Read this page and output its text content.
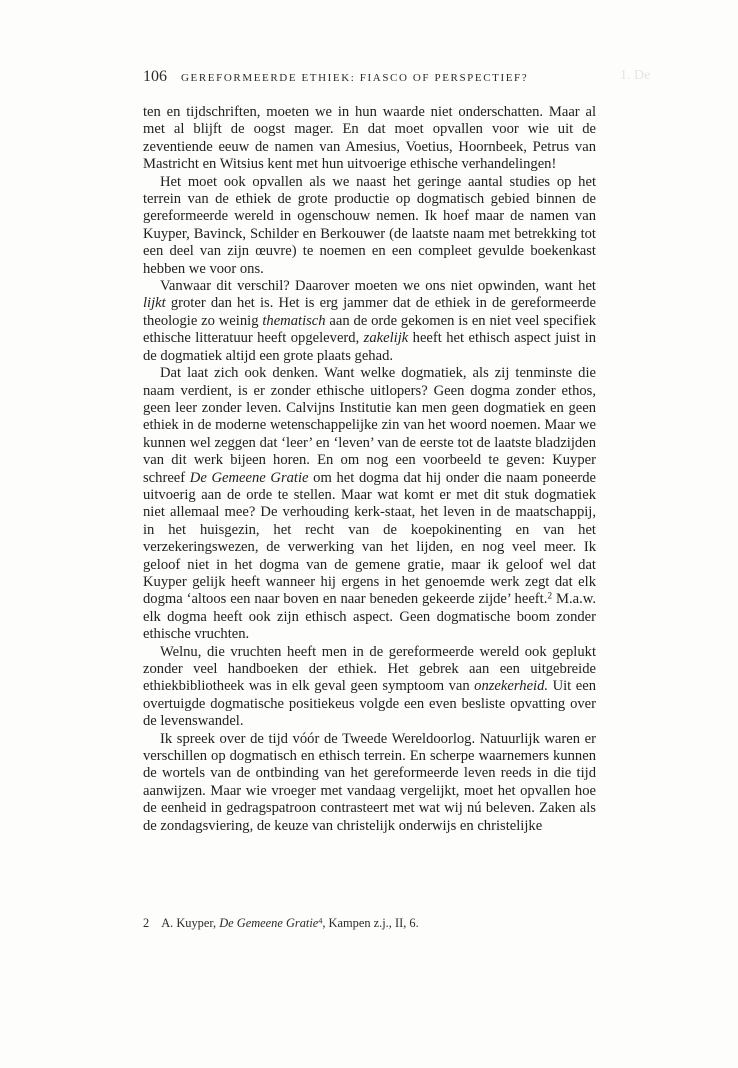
1. De
106 GEREFORMEERDE ETHIEK: FIASCO OF PERSPECTIEF?

ten en tijdschriften, moeten we in hun waarde niet onderschatten. Maar al met al blijft de oogst mager. En dat moet opvallen voor wie uit de zeventiende eeuw de namen van Amesius, Voetius, Hoornbeek, Petrus van Mastricht en Witsius kent met hun uitvoerige ethische verhandelingen!

Het moet ook opvallen als we naast het geringe aantal studies op het terrein van de ethiek de grote productie op dogmatisch gebied binnen de gereformeerde wereld in ogenschouw nemen. Ik hoef maar de namen van Kuyper, Bavinck, Schilder en Berkouwer (de laatste naam met betrekking tot een deel van zijn œuvre) te noemen en een compleet gevulde boekenkast hebben we voor ons.

Vanwaar dit verschil? Daarover moeten we ons niet opwinden, want het lijkt groter dan het is. Het is erg jammer dat de ethiek in de gereformeerde theologie zo weinig thematisch aan de orde gekomen is en niet veel specifiek ethische litteratuur heeft opgeleverd, zakelijk heeft het ethisch aspect juist in de dogmatiek altijd een grote plaats gehad.

Dat laat zich ook denken. Want welke dogmatiek, als zij tenminste die naam verdient, is er zonder ethische uitlopers? Geen dogma zonder ethos, geen leer zonder leven. Calvijns Institutie kan men geen dogmatiek en geen ethiek in de moderne wetenschappelijke zin van het woord noemen. Maar we kunnen wel zeggen dat ‘leer’ en ‘leven’ van de eerste tot de laatste bladzijden van dit werk bijeen horen. En om nog een voorbeeld te geven: Kuyper schreef De Gemeene Gratie om het dogma dat hij onder die naam poneerde uitvoerig aan de orde te stellen. Maar wat komt er met dit stuk dogmatiek niet allemaal mee? De verhouding kerk-staat, het leven in de maatschappij, in het huisgezin, het recht van de koepokinenting en van het verzekeringswezen, de verwerking van het lijden, en nog veel meer. Ik geloof niet in het dogma van de gemene gratie, maar ik geloof wel dat Kuyper gelijk heeft wanneer hij ergens in het genoemde werk zegt dat elk dogma ‘altoos een naar boven en naar beneden gekeerde zijde’ heeft.$^2$ M.a.w. elk dogma heeft ook zijn ethisch aspect. Geen dogmatische boom zonder ethische vruchten.

Welnu, die vruchten heeft men in de gereformeerde wereld ook geplukt zonder veel handboeken der ethiek. Het gebrek aan een uitgebreide ethiekbibliotheek was in elk geval geen symptoom van onzekerheid. Uit een overtuigde dogmatische positiekeus volgde een even besliste opvatting over de levenswandel.

Ik spreek over de tijd vóór de Tweede Wereldoorlog. Natuurlijk waren er verschillen op dogmatisch en ethisch terrein. En scherpe waarnemers kunnen de wortels van de ontbinding van het gereformeerde leven reeds in die tijd aanwijzen. Maar wie vroeger met vandaag vergelijkt, moet het opvallen hoe de eenheid in gedragspatroon contrasteert met wat wij nú beleven. Zaken als de zondagsviering, de keuze van christelijk onderwijs en christelijke

2 A. Kuyper, De Gemeene Gratie$^4$, Kampen z.j., II, 6.
